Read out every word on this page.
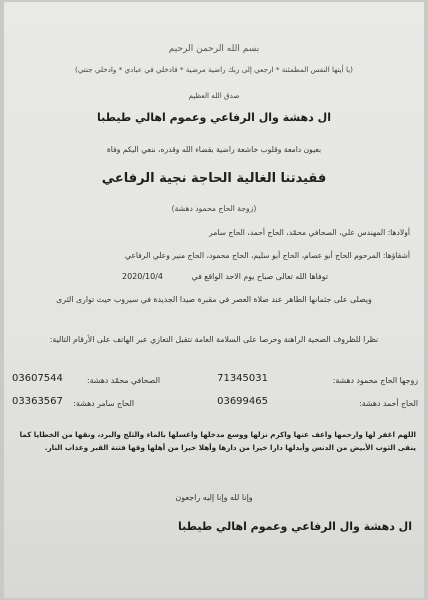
بسم الله الرحمن الرحيم
(يا أيتها النفس المطمئنة * ارجعي إلى ربك راضية مرضية * فادخلي في عبادي * وادخلي جنتي)
صدق الله العظيم
ال دهشة وال الرفاعي وعموم اهالي طيطبا
بعيون دامعة وقلوب خاشعة راضية بقضاء الله وقدره، ننعي اليكم وفاة
فقيدتنا الغالية الحاجة نجية الرفاعي
(زوجة الحاج محمود دهشة)
أولادها: المهندس علي، الصحافي محمّد، الحاج أحمد، الحاج سامر
أشقاؤها: المرحوم الحاج أبو عصام، الحاج أبو سليم، الحاج محمود، الحاج منير وعلي الرفاعي
توفاها الله تعالى صباح يوم الاحد الواقع في
2020/10/4
ويصلى على جثمانها الطاهر عند صلاة العصر في مقبرة صيدا الجديدة في سيروب حيث توارى الثرى
نظرا للظروف الصحية الراهنة وحرصا على السلامة العامة نتقبل التعازي عبر الهاتف على الأرقام التالية:
زوجها الحاج محمود دهشة:
71345031
الصحافي محمّد دهشة:
03607544
الحاج أحمد دهشة:
03699465
الحاج سامر دهشة:
03363567
اللهم اغفر لها وارحمها واعف عنها واكرم نزلها ووسع مدخلها واغسلها بالماء والثلج والبرد، ونقها من الخطايا كما ينقى الثوب الأبيض من الدنس وأبدلها دارا خيرا من دارها وأهلا خيرا من أهلها وقها فتنة القبر وعذاب النار.
وإنا لله وإنا إليه راجعون
ال دهشة وال الرفاعي وعموم اهالي طيطبا
